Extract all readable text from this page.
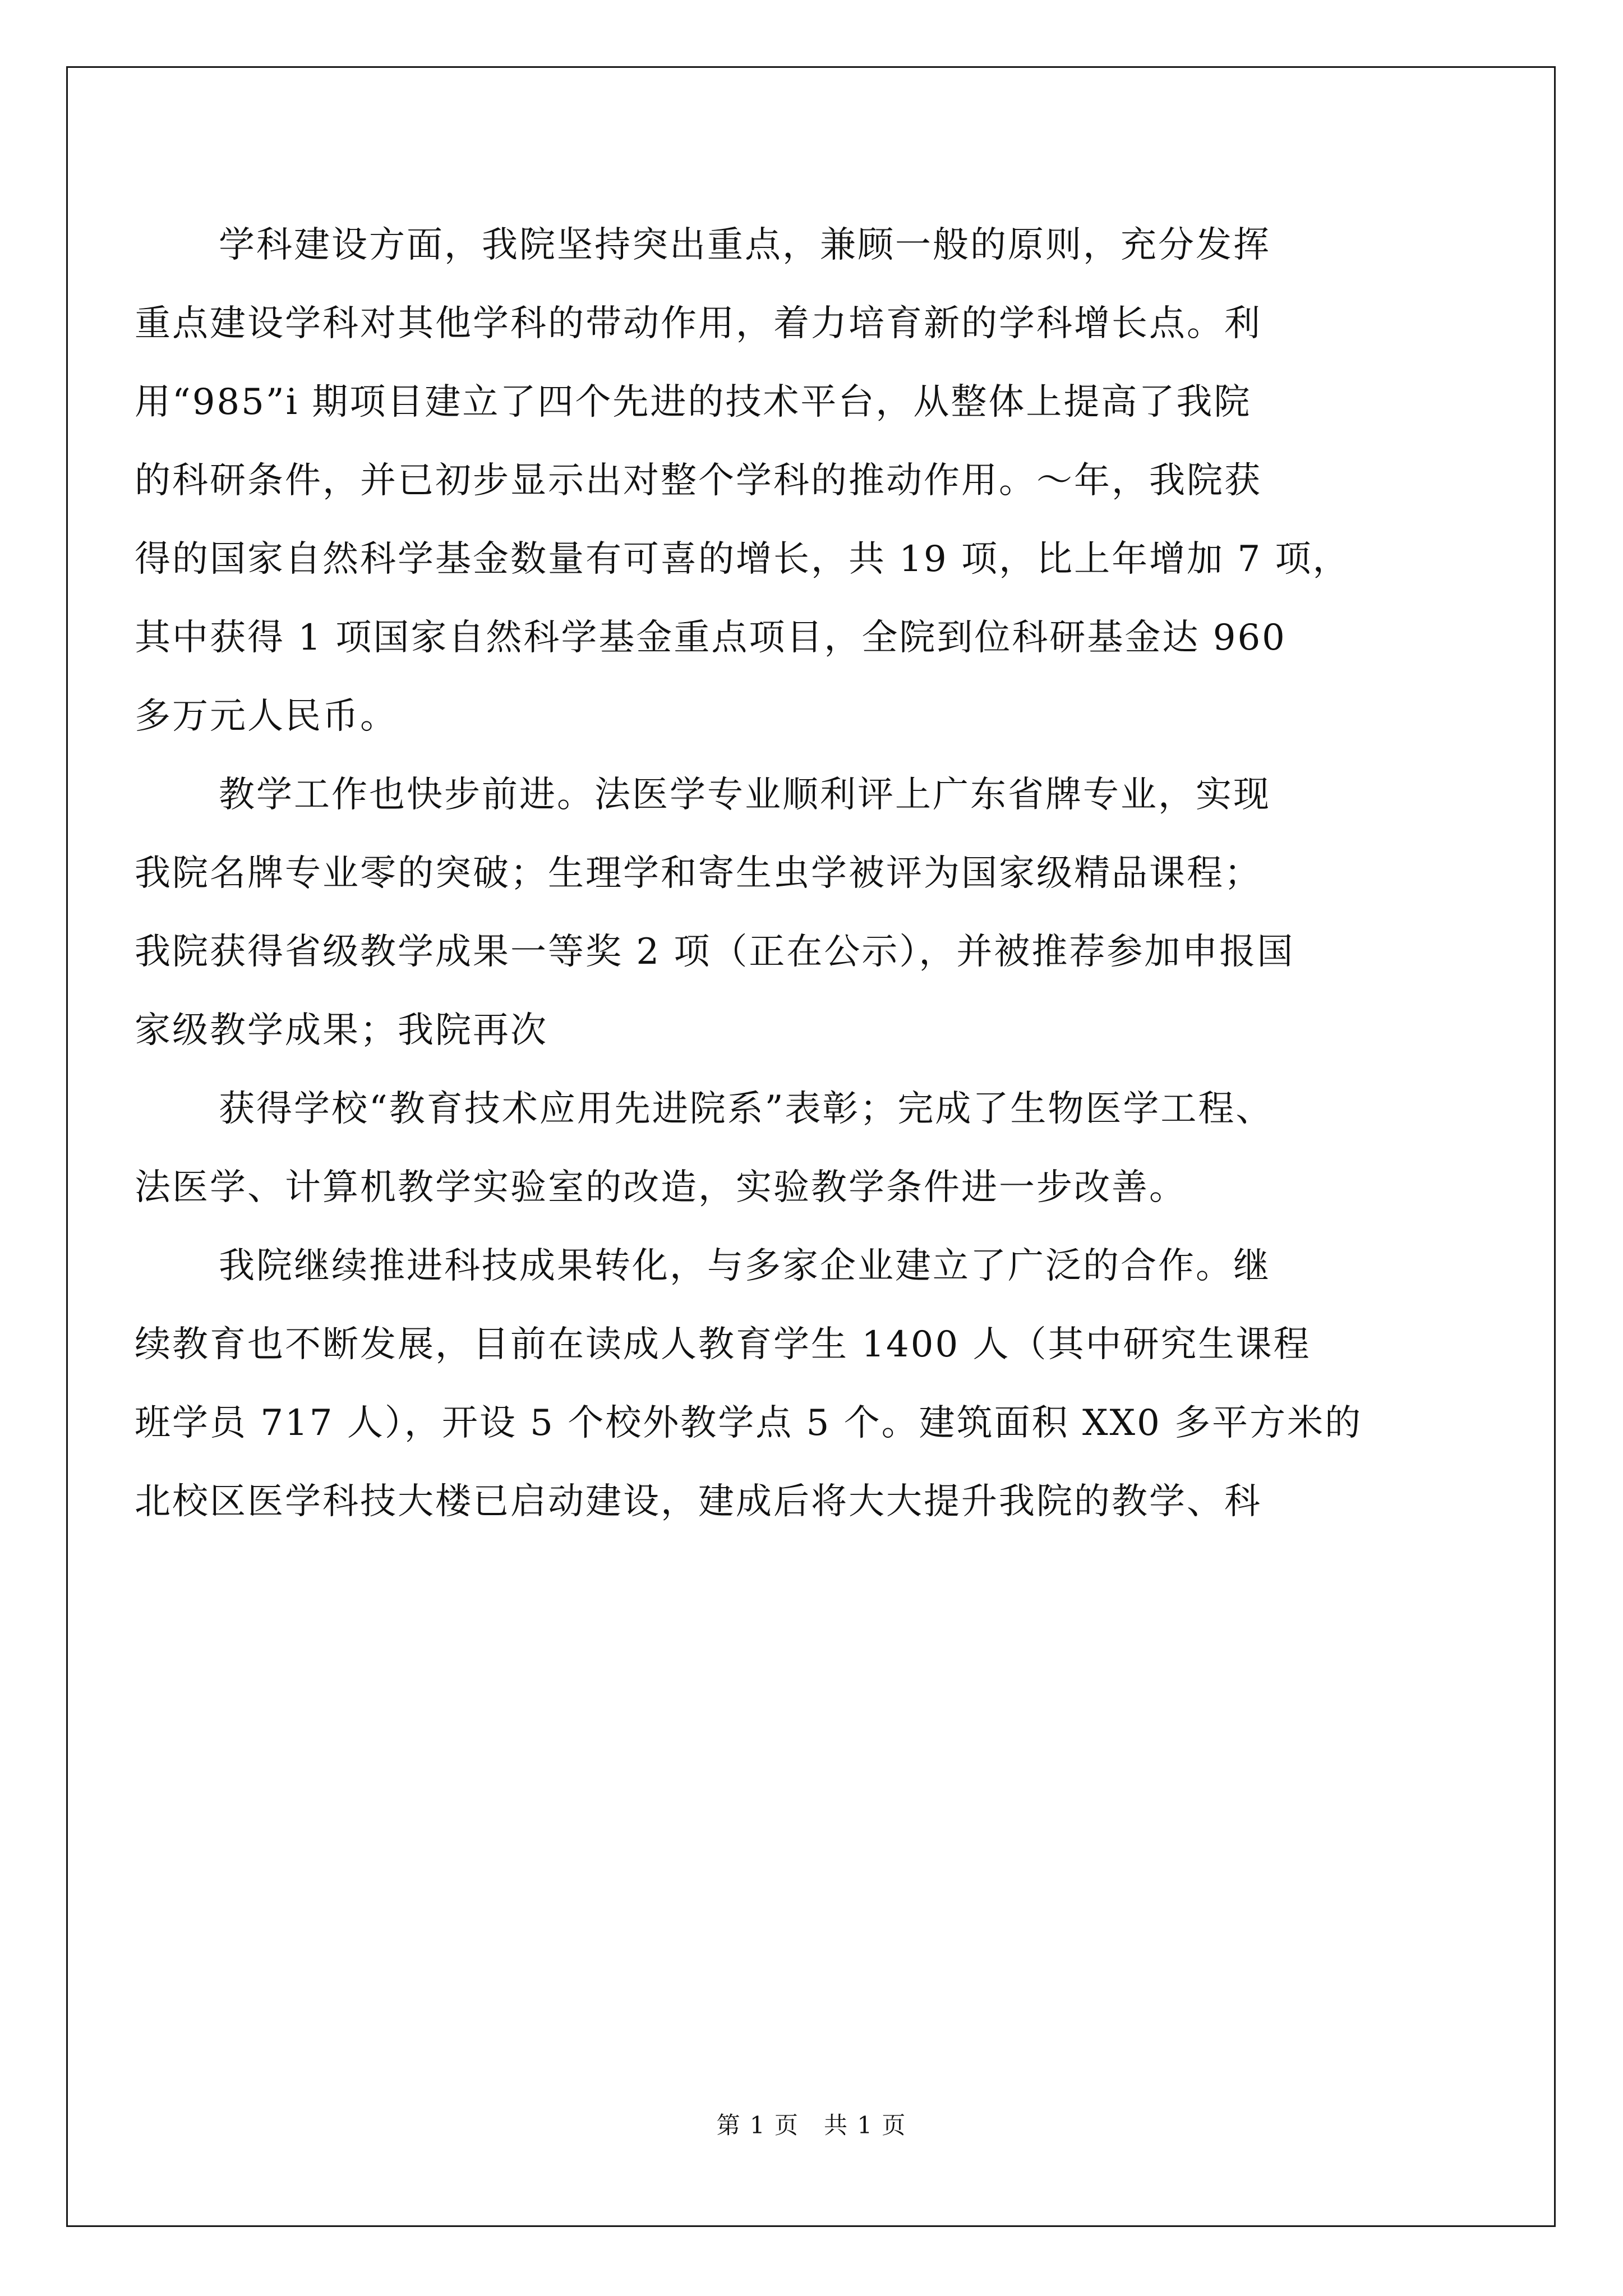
学科建设方面，我院坚持突出重点，兼顾一般的原则，充分发挥
重点建设学科对其他学科的带动作用，着力培育新的学科增长点。利
用“985”i 期项目建立了四个先进的技术平台，从整体上提高了我院
的科研条件，并已初步显示出对整个学科的推动作用。～年，我院获
得的国家自然科学基金数量有可喜的增长，共 19 项，比上年增加 7 项，
其中获得 1 项国家自然科学基金重点项目，全院到位科研基金达 960
多万元人民币。
教学工作也快步前进。法医学专业顺利评上广东省牌专业，实现
我院名牌专业零的突破；生理学和寄生虫学被评为国家级精品课程；
我院获得省级教学成果一等奖 2 项（正在公示），并被推荐参加申报国
家级教学成果；我院再次
获得学校“教育技术应用先进院系”表彰；完成了生物医学工程、
法医学、计算机教学实验室的改造，实验教学条件进一步改善。
我院继续推进科技成果转化，与多家企业建立了广泛的合作。继
续教育也不断发展，目前在读成人教育学生 1400 人（其中研究生课程
班学员 717 人），开设 5 个校外教学点 5 个。建筑面积 XX0 多平方米的
北校区医学科技大楼已启动建设，建成后将大大提升我院的教学、科
第 1 页　共 1 页
